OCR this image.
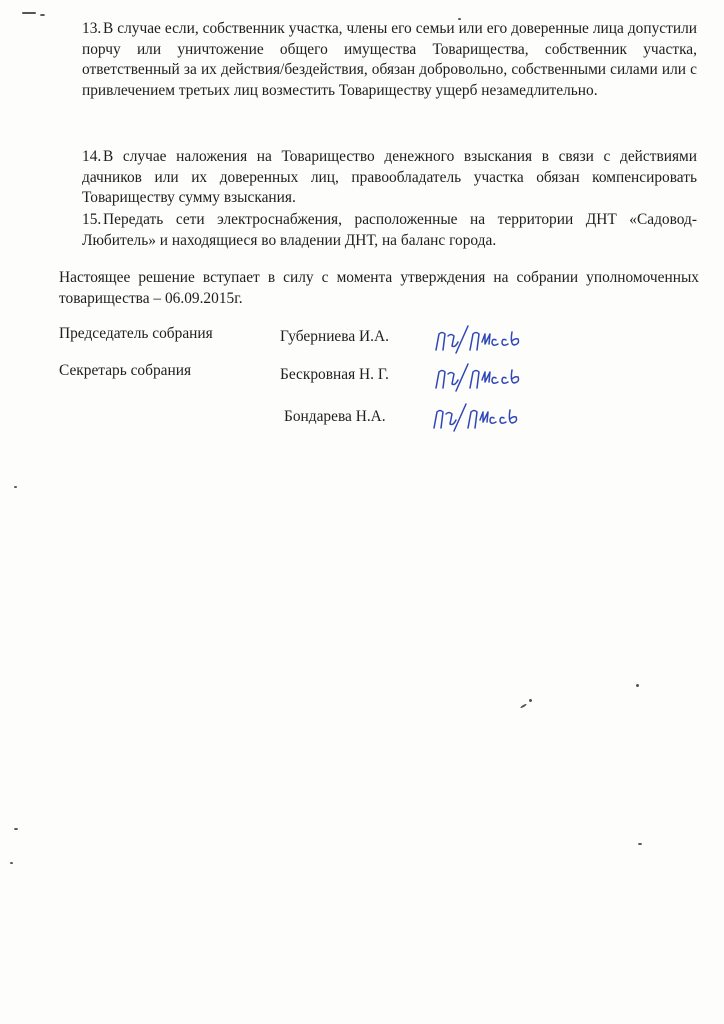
13. В случае если, собственник участка, члены его семьи или его доверенные лица допустили порчу или уничтожение общего имущества Товарищества, собственник участка, ответственный за их действия/бездействия, обязан добровольно, собственными силами или с привлечением третьих лиц возместить Товариществу ущерб незамедлительно.
14. В случае наложения на Товарищество денежного взыскания в связи с действиями дачников или их доверенных лиц, правообладатель участка обязан компенсировать Товариществу сумму взыскания.
15. Передать сети электроснабжения, расположенные на территории ДНТ «Садовод-Любитель» и находящиеся во владении ДНТ, на баланс города.
Настоящее решение вступает в силу с момента утверждения на собрании уполномоченных товарищества – 06.09.2015г.
Председатель собрания	Губерниева И.А.
Секретарь собрания	Бескровная Н. Г.
Бондарева Н.А.
